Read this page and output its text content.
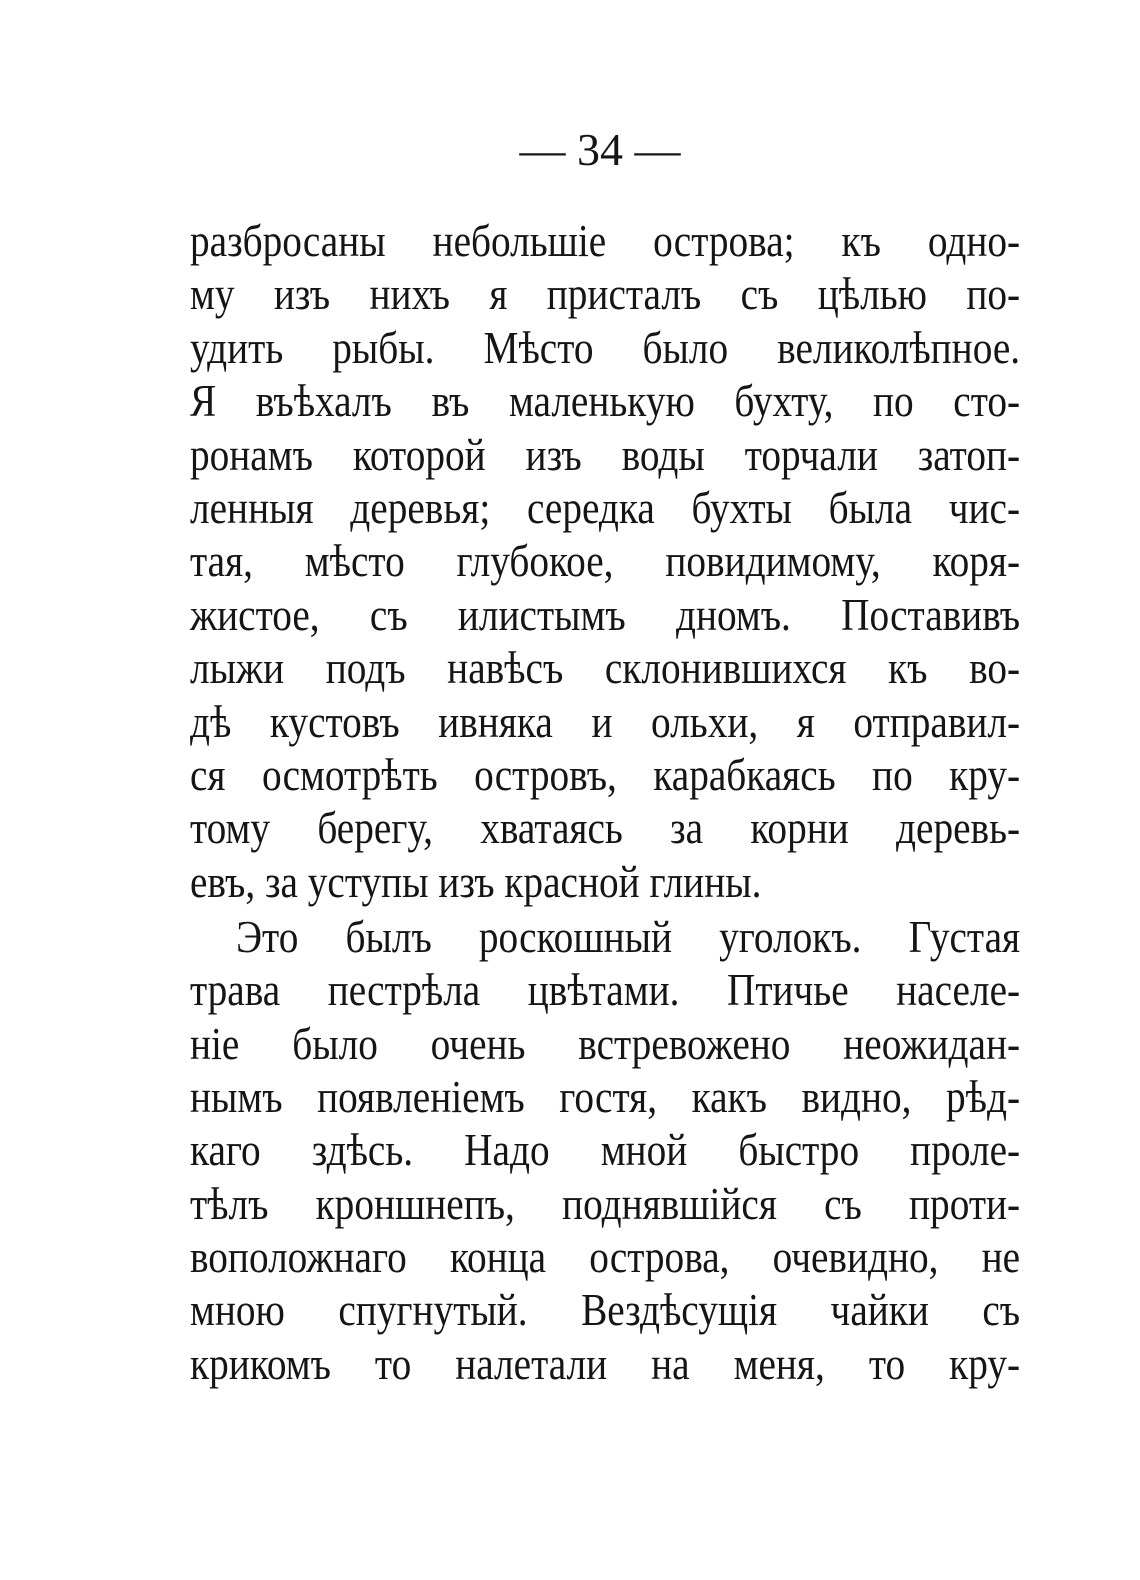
— 34 —
разбросаны небольшіе острова; къ одно-
му изъ нихъ я присталъ съ цѣлью по-
удить рыбы. Мѣсто было великолѣпное.
Я въѣхалъ въ маленькую бухту, по сто-
ронамъ которой изъ воды торчали затоп-
ленныя деревья; середка бухты была чис-
тая, мѣсто глубокое, повидимому, коря-
жистое, съ илистымъ дномъ. Поставивъ
лыжи подъ навѣсъ склонившихся къ во-
дѣ кустовъ ивняка и ольхи, я отправил-
ся осмотрѣть островъ, карабкаясь по кру-
тому берегу, хватаясь за корни деревь-
евъ, за уступы изъ красной глины.
Это былъ роскошный уголокъ. Густая
трава пестрѣла цвѣтами. Птичье населе-
ніе было очень встревожено неожидан-
нымъ появленіемъ гостя, какъ видно, рѣд-
каго здѣсь. Надо мной быстро проле-
тѣлъ кроншнепъ, поднявшійся съ проти-
воположнаго конца острова, очевидно, не
мною спугнутый. Вездѣсущія чайки съ
крикомъ то налетали на меня, то кру-
